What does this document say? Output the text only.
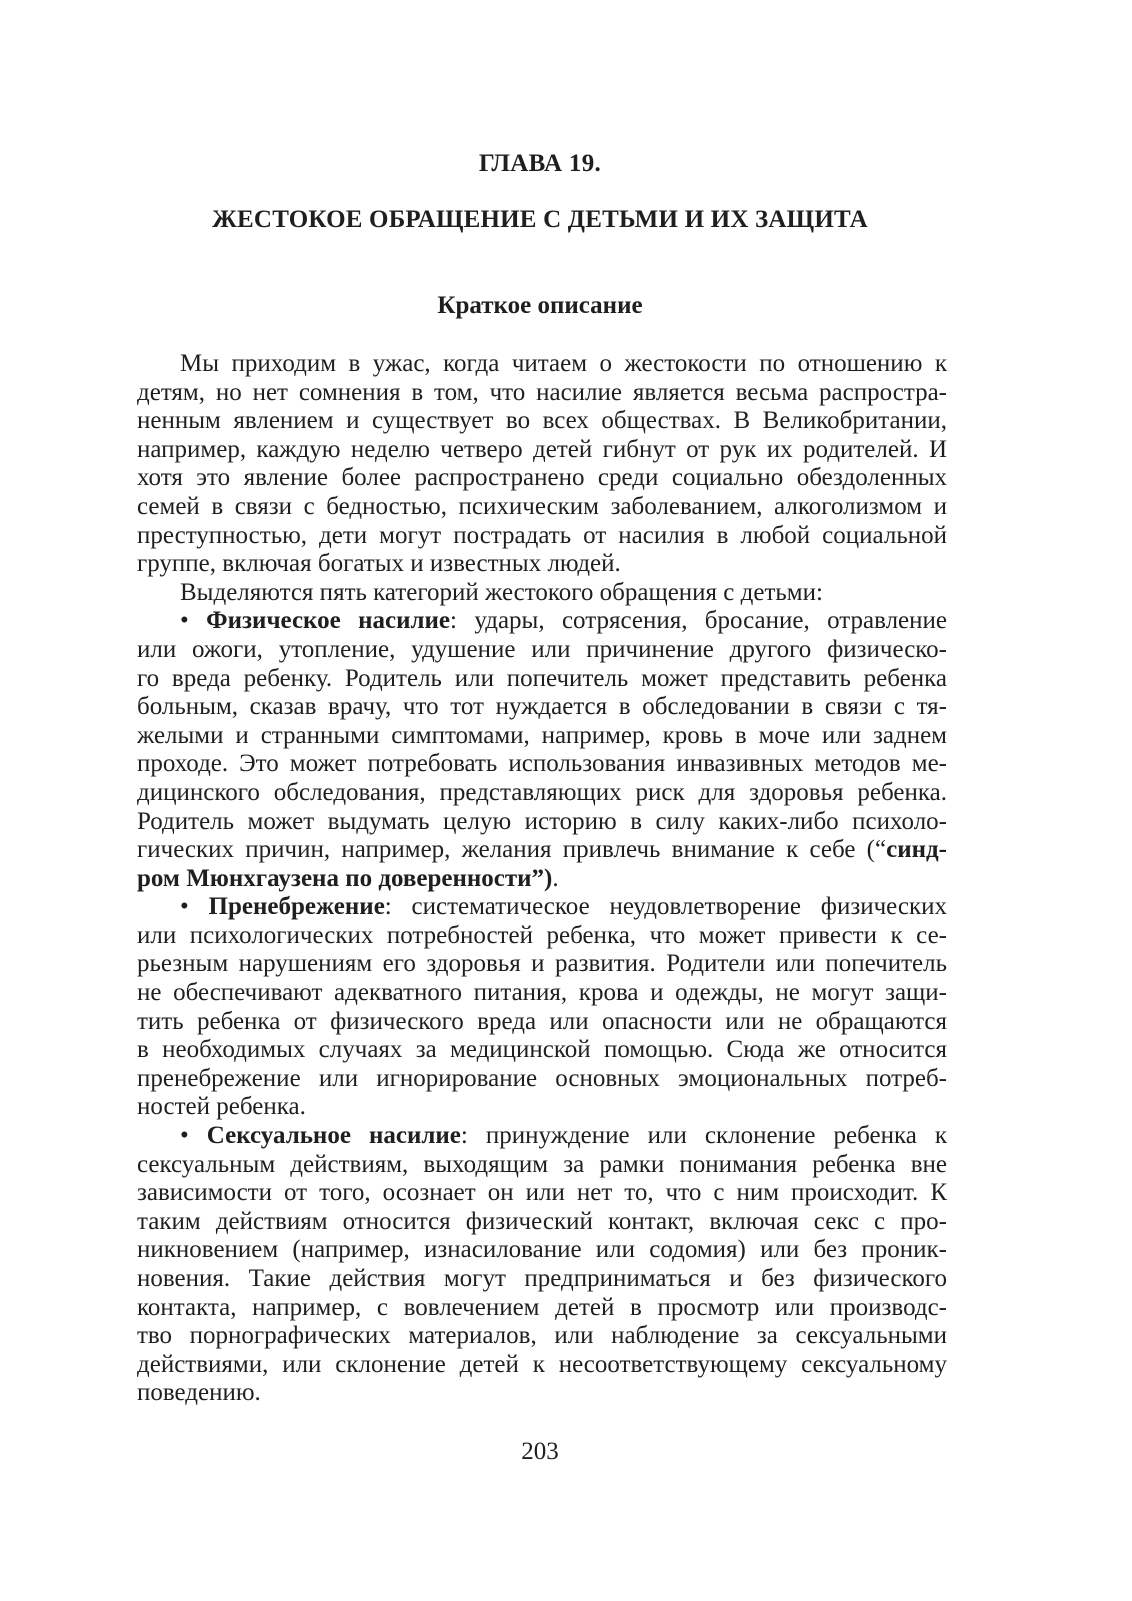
ГЛАВА 19.
ЖЕСТОКОЕ ОБРАЩЕНИЕ С ДЕТЬМИ И ИХ ЗАЩИТА
Краткое описание
Мы приходим в ужас, когда читаем о жестокости по отношению к
детям, но нет сомнения в том, что насилие является весьма распростра-
ненным явлением и существует во всех обществах. В Великобритании,
например, каждую неделю четверо детей гибнут от рук их родителей. И
хотя это явление более распространено среди социально обездоленных
семей в связи с бедностью, психическим заболеванием, алкоголизмом и
преступностью, дети могут пострадать от насилия в любой социальной
группе, включая богатых и известных людей.
Выделяются пять категорий жестокого обращения с детьми:
• Физическое насилие: удары, сотрясения, бросание, отравление
или ожоги, утопление, удушение или причинение другого физическо-
го вреда ребенку. Родитель или попечитель может представить ребенка
больным, сказав врачу, что тот нуждается в обследовании в связи с тя-
желыми и странными симптомами, например, кровь в моче или заднем
проходе. Это может потребовать использования инвазивных методов ме-
дицинского обследования, представляющих риск для здоровья ребенка.
Родитель может выдумать целую историю в силу каких-либо психоло-
гических причин, например, желания привлечь внимание к себе (“синд-
ром Мюнхгаузена по доверенности”).
• Пренебрежение: систематическое неудовлетворение физических
или психологических потребностей ребенка, что может привести к се-
рьезным нарушениям его здоровья и развития. Родители или попечитель
не обеспечивают адекватного питания, крова и одежды, не могут защи-
тить ребенка от физического вреда или опасности или не обращаются
в необходимых случаях за медицинской помощью. Сюда же относится
пренебрежение или игнорирование основных эмоциональных потреб-
ностей ребенка.
• Сексуальное насилие: принуждение или склонение ребенка к
сексуальным действиям, выходящим за рамки понимания ребенка вне
зависимости от того, осознает он или нет то, что с ним происходит. К
таким действиям относится физический контакт, включая секс с про-
никновением (например, изнасилование или содомия) или без проник-
новения. Такие действия могут предприниматься и без физического
контакта, например, с вовлечением детей в просмотр или производс-
тво порнографических материалов, или наблюдение за сексуальными
действиями, или склонение детей к несоответствующему сексуальному
поведению.
203
